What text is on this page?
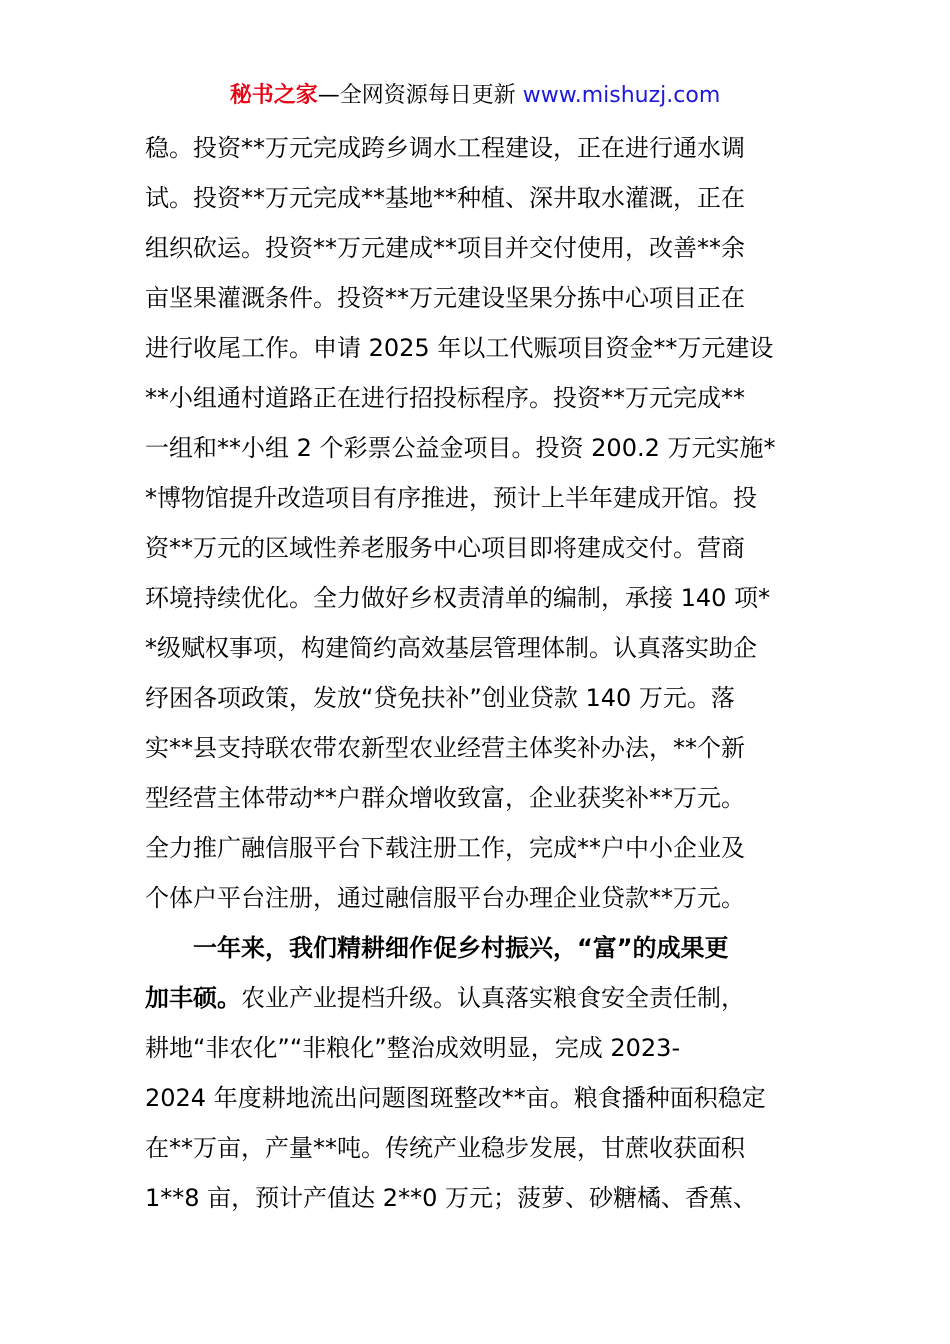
秘书之家—全网资源每日更新 www.mishuzj.com
稳。投资**万元完成跨乡调水工程建设，正在进行通水调
试。投资**万元完成**基地**种植、深井取水灌溉，正在
组织砍运。投资**万元建成**项目并交付使用，改善**余
亩坚果灌溉条件。投资**万元建设坚果分拣中心项目正在
进行收尾工作。申请 2025 年以工代赈项目资金**万元建设
**小组通村道路正在进行招投标程序。投资**万元完成**
一组和**小组 2 个彩票公益金项目。投资 200.2 万元实施*
*博物馆提升改造项目有序推进，预计上半年建成开馆。投
资**万元的区域性养老服务中心项目即将建成交付。营商
环境持续优化。全力做好乡权责清单的编制，承接 140 项*
*级赋权事项，构建简约高效基层管理体制。认真落实助企
纾困各项政策，发放“贷免扶补”创业贷款 140 万元。落
实**县支持联农带农新型农业经营主体奖补办法，**个新
型经营主体带动**户群众增收致富，企业获奖补**万元。
全力推广融信服平台下载注册工作，完成**户中小企业及
个体户平台注册，通过融信服平台办理企业贷款**万元。
一年来，我们精耕细作促乡村振兴，“富”的成果更
加丰硕。农业产业提档升级。认真落实粮食安全责任制，
耕地“非农化”“非粮化”整治成效明显，完成 2023-
2024 年度耕地流出问题图斑整改**亩。粮食播种面积稳定
在**万亩，产量**吨。传统产业稳步发展，甘蔗收获面积
1**8 亩，预计产值达 2**0 万元；菠萝、砂糖橘、香蕉、
